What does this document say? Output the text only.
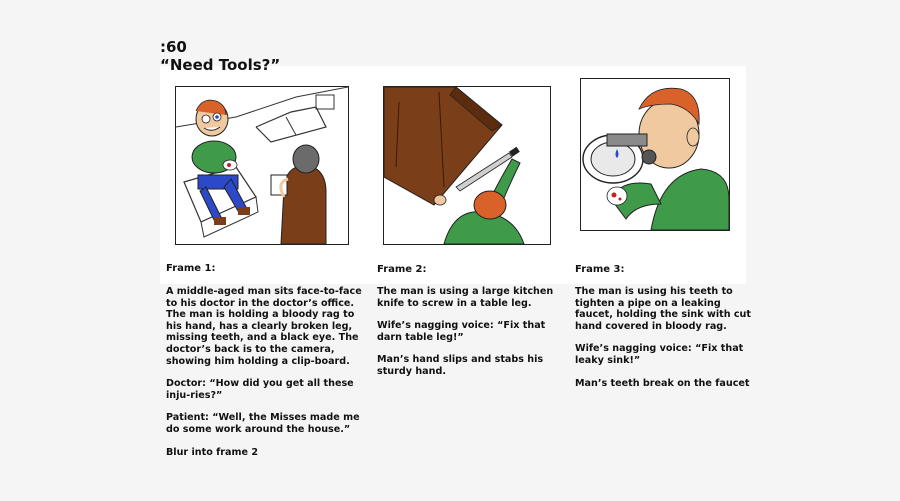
:60
“Need Tools?”
Frame 1:	Frame 2:	Frame 3:

A middle-aged man sits face-to-face to his doctor in the doctor’s office. The man is holding a bloody rag to his hand, has a clearly broken leg, missing teeth, and a black eye. The doctor’s back is to the camera, showing him holding a clip-board.

Doctor: “How did you get all these inju-ries?”

Patient: “Well, the Misses made me do some work around the house.”

Blur into frame 2

The man is using a large kitchen knife to screw in a table leg.

Wife’s nagging voice: “Fix that darn table leg!”

Man’s hand slips and stabs his sturdy hand.

The man is using his teeth to tighten a pipe on a leaking faucet, holding the sink with cut hand covered in bloody rag.

Wife’s nagging voice: “Fix that leaky sink!”

Man’s teeth break on the faucet
